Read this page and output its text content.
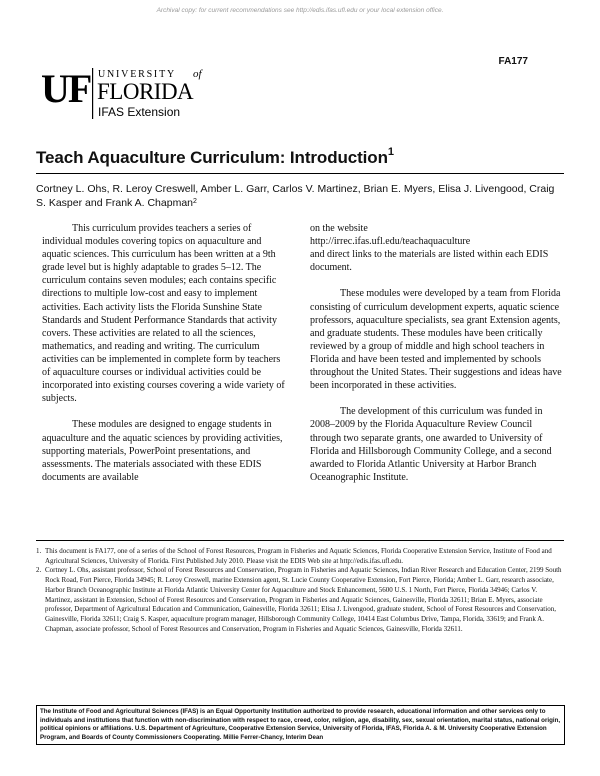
Archival copy: for current recommendations see http://edis.ifas.ufl.edu or your local extension office.
FA177
UF UNIVERSITY of
FLORIDA
IFAS Extension
Teach Aquaculture Curriculum: Introduction$^1$
Cortney L. Ohs, R. Leroy Creswell, Amber L. Garr, Carlos V. Martinez, Brian E. Myers, Elisa J. Livengood, Craig S. Kasper and Frank A. Chapman$^2$

This curriculum provides teachers a series of individual modules covering topics on aquaculture and aquatic sciences. This curriculum has been written at a 9th grade level but is highly adaptable to grades 5–12. The curriculum contains seven modules; each contains specific directions to multiple low-cost and easy to implement activities. Each activity lists the Florida Sunshine State Standards and Student Performance Standards that activity covers. These activities are related to all the sciences, mathematics, and reading and writing. The curriculum activities can be implemented in complete form by teachers of aquaculture courses or individual activities could be incorporated into existing courses covering a wide variety of subjects.

These modules are designed to engage students in aquaculture and the aquatic sciences by providing activities, supporting materials, PowerPoint presentations, and assessments. The materials associated with these EDIS documents are available

on the website
http://irrec.ifas.ufl.edu/teachaquaculture
and direct links to the materials are listed within each EDIS document.

These modules were developed by a team from Florida consisting of curriculum development experts, aquatic science professors, aquaculture specialists, sea grant Extension agents, and graduate students. These modules have been critically reviewed by a group of middle and high school teachers in Florida and have been tested and implemented by schools throughout the United States. Their suggestions and ideas have been incorporated in these activities.

The development of this curriculum was funded in 2008–2009 by the Florida Aquaculture Review Council through two separate grants, one awarded to University of Florida and Hillsborough Community College, and a second awarded to Florida Atlantic University at Harbor Branch Oceanographic Institute.

1. This document is FA177, one of a series of the School of Forest Resources, Program in Fisheries and Aquatic Sciences, Florida Cooperative Extension Service, Institute of Food and Agricultural Sciences, University of Florida. First Published July 2010. Please visit the EDIS Web site at http://edis.ifas.ufl.edu.
2. Cortney L. Ohs, assistant professor, School of Forest Resources and Conservation, Program in Fisheries and Aquatic Sciences, Indian River Research and Education Center, 2199 South Rock Road, Fort Pierce, Florida 34945; R. Leroy Creswell, marine Extension agent, St. Lucie County Cooperative Extension, Fort Pierce, Florida; Amber L. Garr, research associate, Harbor Branch Oceanographic Institute at Florida Atlantic University Center for Aquaculture and Stock Enhancement, 5600 U.S. 1 North, Fort Pierce, Florida 34946; Carlos V. Martinez, assistant in Extension, School of Forest Resources and Conservation, Program in Fisheries and Aquatic Sciences, Gainesville, Florida 32611; Brian E. Myers, associate professor, Department of Agricultural Education and Communication, Gainesville, Florida 32611; Elisa J. Livengood, graduate student, School of Forest Resources and Conservation, Gainesville, Florida 32611; Craig S. Kasper, aquaculture program manager, Hillsborough Community College, 10414 East Columbus Drive, Tampa, Florida, 33619; and Frank A. Chapman, associate professor, School of Forest Resources and Conservation, Program in Fisheries and Aquatic Sciences, Gainesville, Florida 32611.
The Institute of Food and Agricultural Sciences (IFAS) is an Equal Opportunity Institution authorized to provide research, educational information and other services only to individuals and institutions that function with non-discrimination with respect to race, creed, color, religion, age, disability, sex, sexual orientation, marital status, national origin, political opinions or affiliations. U.S. Department of Agriculture, Cooperative Extension Service, University of Florida, IFAS, Florida A. & M. University Cooperative Extension Program, and Boards of County Commissioners Cooperating. Millie Ferrer-Chancy, Interim Dean
